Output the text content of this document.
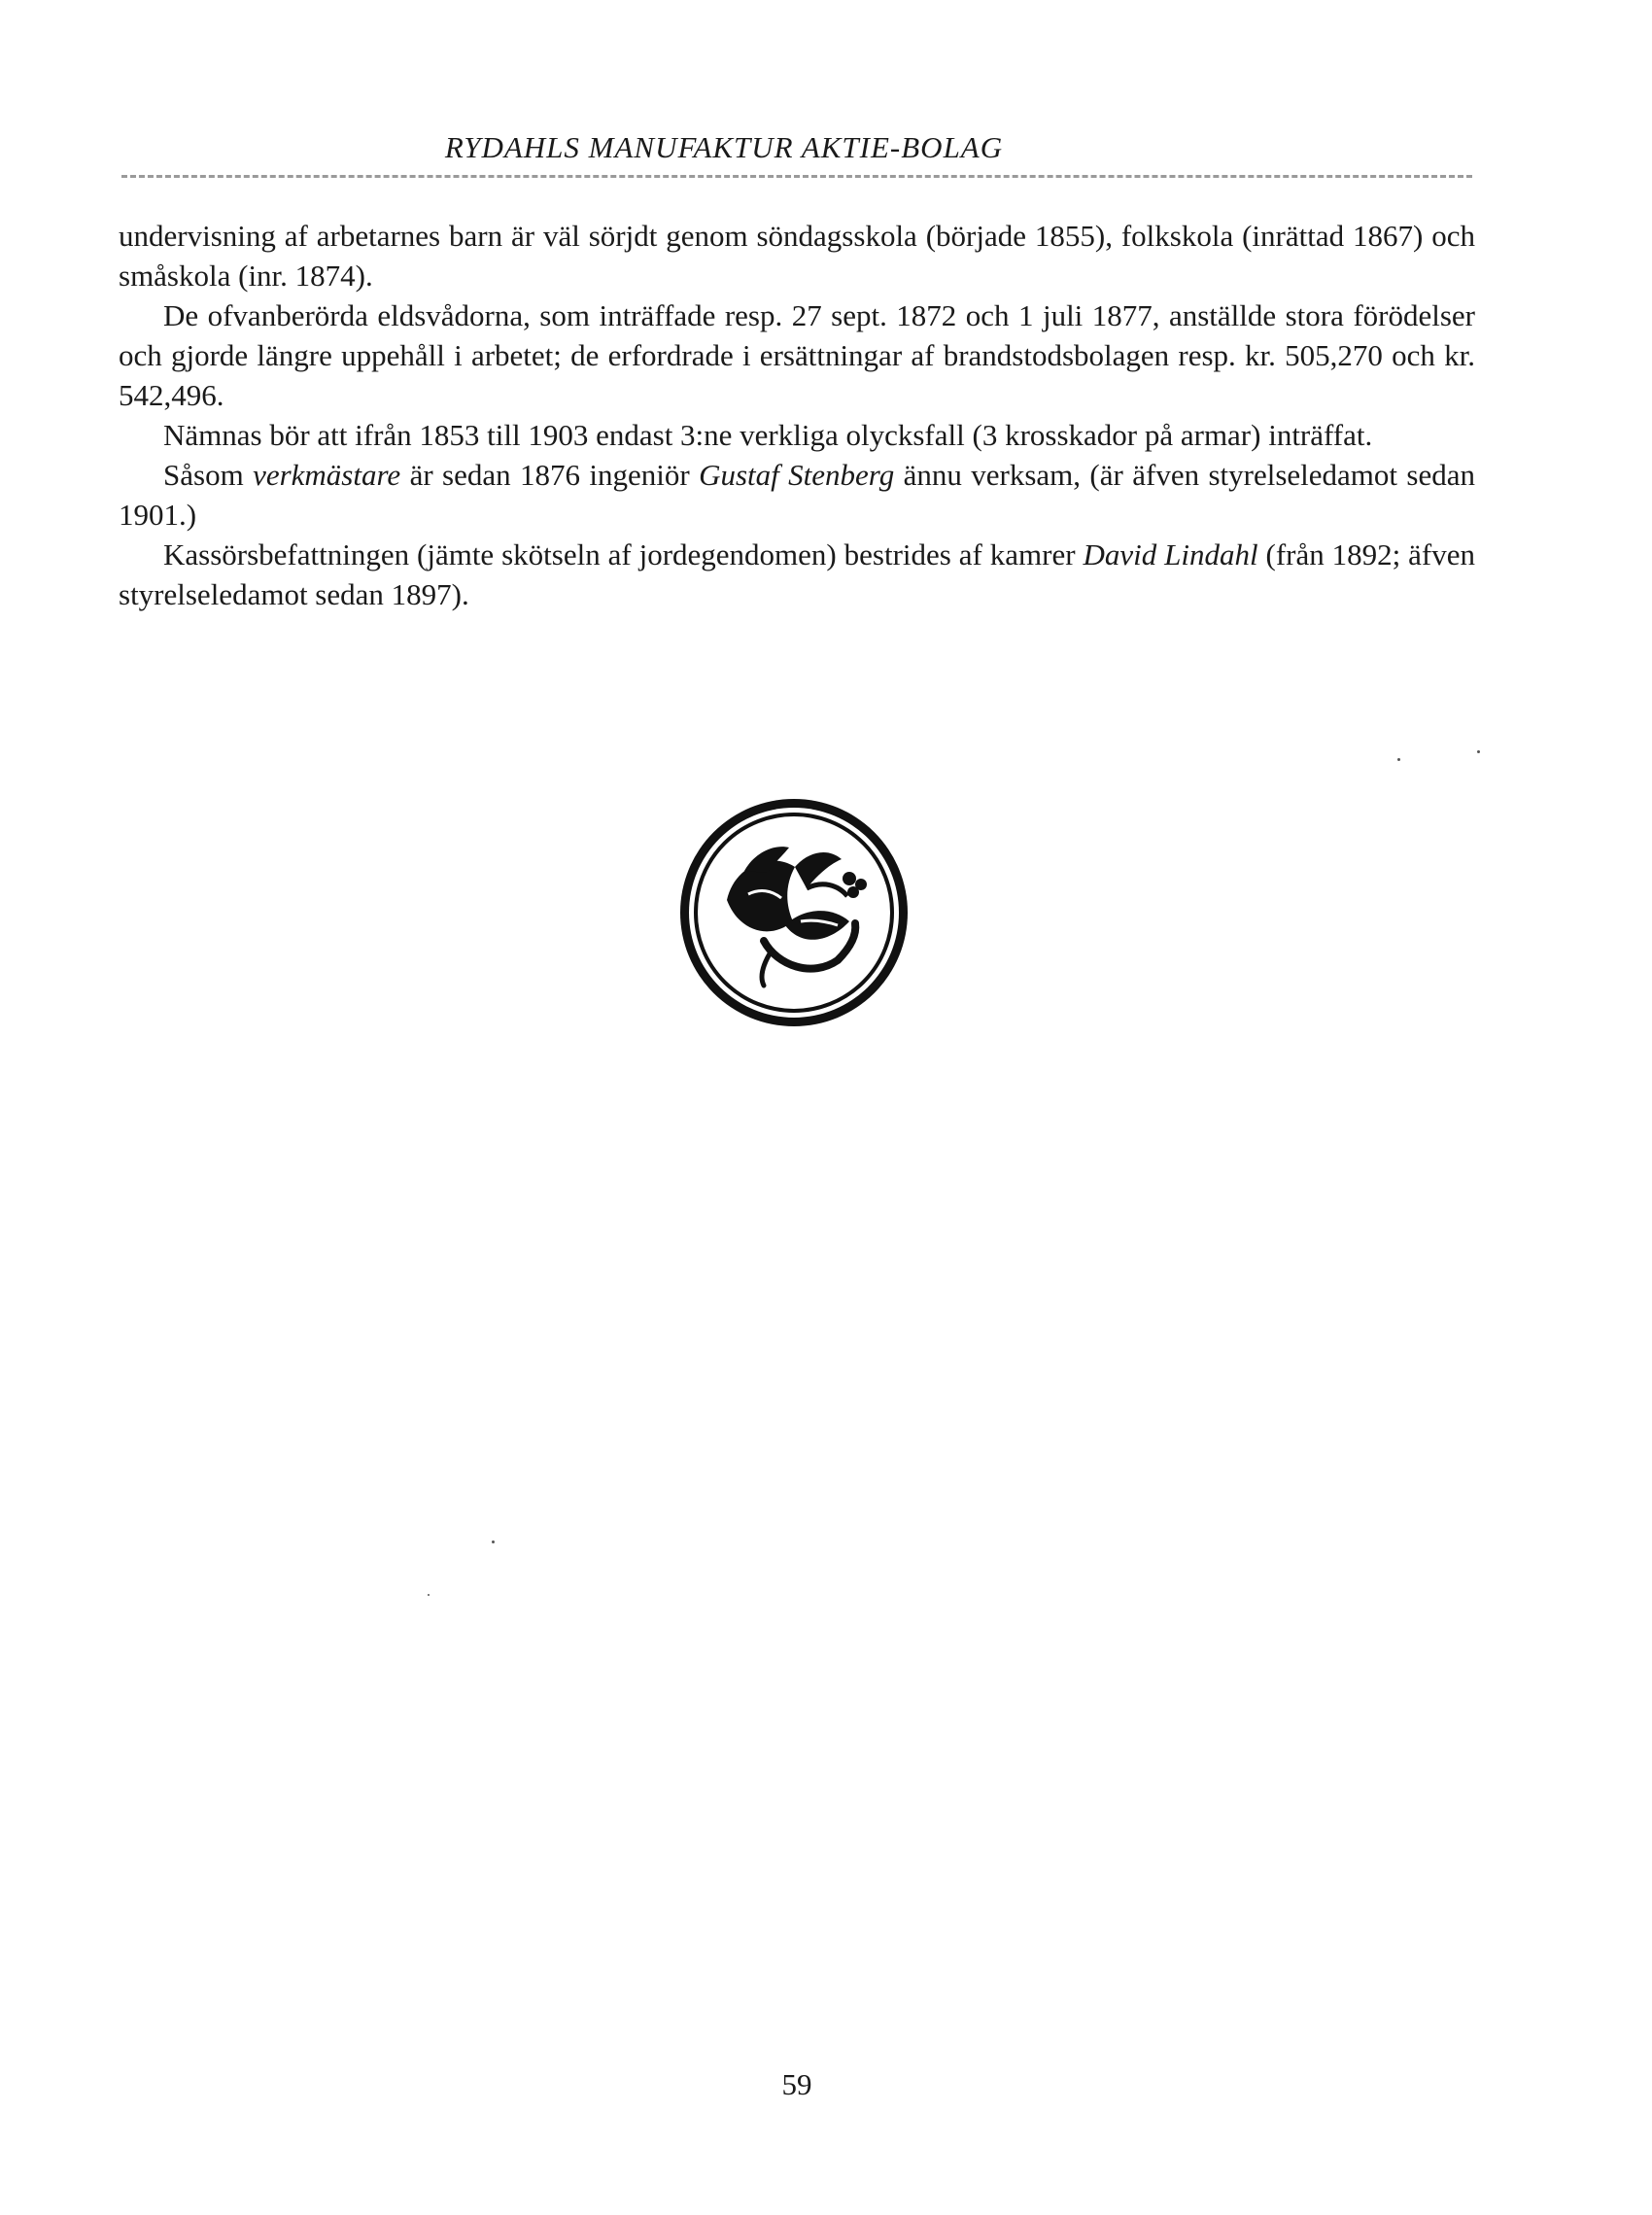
RYDAHLS MANUFAKTUR AKTIE-BOLAG

undervisning af arbetarnes barn är väl sörjdt genom söndagsskola (började 1855), folkskola (inrättad 1867) och småskola (inr. 1874).

De ofvanberörda eldsvådorna, som inträffade resp. 27 sept. 1872 och 1 juli 1877, anställde stora förödelser och gjorde längre uppehåll i arbetet; de erfordrade i ersättningar af brandstodsbolagen resp. kr. 505,270 och kr. 542,496.

Nämnas bör att ifrån 1853 till 1903 endast 3:ne verkliga olycksfall (3 krosskador på armar) inträffat.

Såsom verkmästare är sedan 1876 ingeniör Gustaf Stenberg ännu verksam, (är äfven styrelseledamot sedan 1901.)

Kassörsbefattningen (jämte skötseln af jordegendomen) bestrides af kamrer David Lindahl (från 1892; äfven styrelseledamot sedan 1897).

59
